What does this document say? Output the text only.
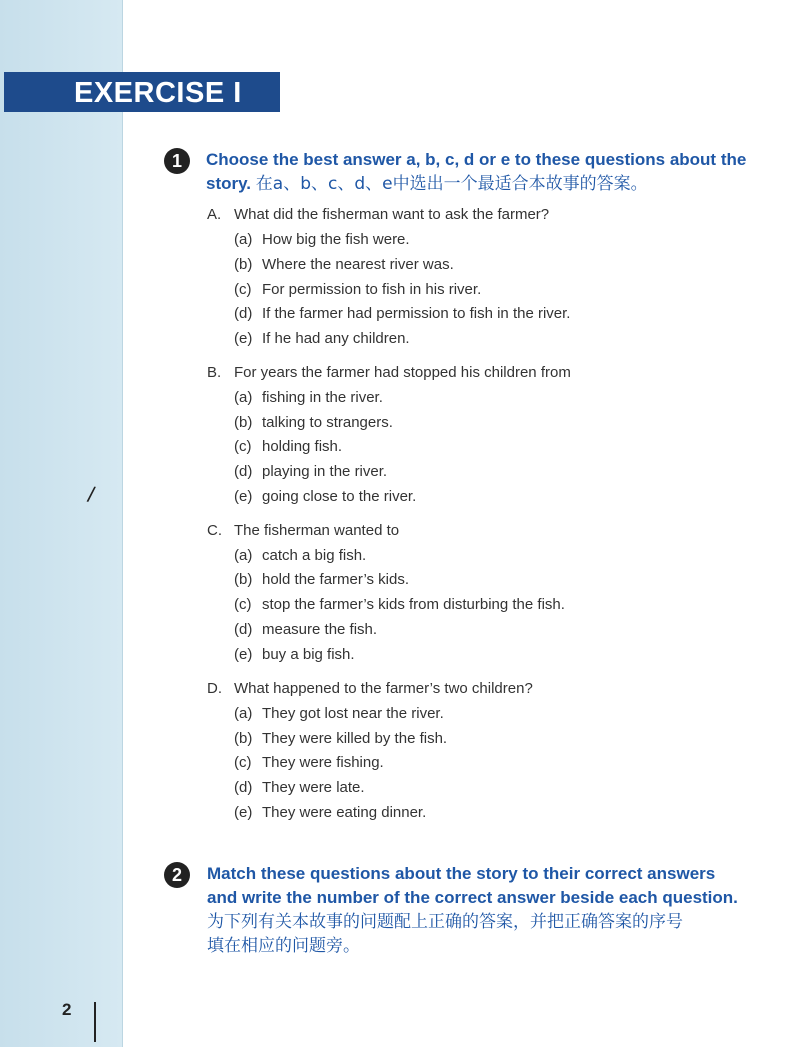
EXERCISE I
1	Choose the best answer a, b, c, d or e to these questions about the story. 在a、b、c、d、e中选出一个最适合本故事的答案。
A. What did the fisherman want to ask the farmer?
(a) How big the fish were.
(b) Where the nearest river was.
(c) For permission to fish in his river.
(d) If the farmer had permission to fish in the river.
(e) If he had any children.
B. For years the farmer had stopped his children from
(a) fishing in the river.
(b) talking to strangers.
(c) holding fish.
(d) playing in the river.
(e) going close to the river.
C. The fisherman wanted to
(a) catch a big fish.
(b) hold the farmer’s kids.
(c) stop the farmer’s kids from disturbing the fish.
(d) measure the fish.
(e) buy a big fish.
D. What happened to the farmer’s two children?
(a) They got lost near the river.
(b) They were killed by the fish.
(c) They were fishing.
(d) They were late.
(e) They were eating dinner.
2	Match these questions about the story to their correct answers
and write the number of the correct answer beside each question.
为下列有关本故事的问题配上正确的答案，并把正确答案的序号
填在相应的问题旁。
/
2
